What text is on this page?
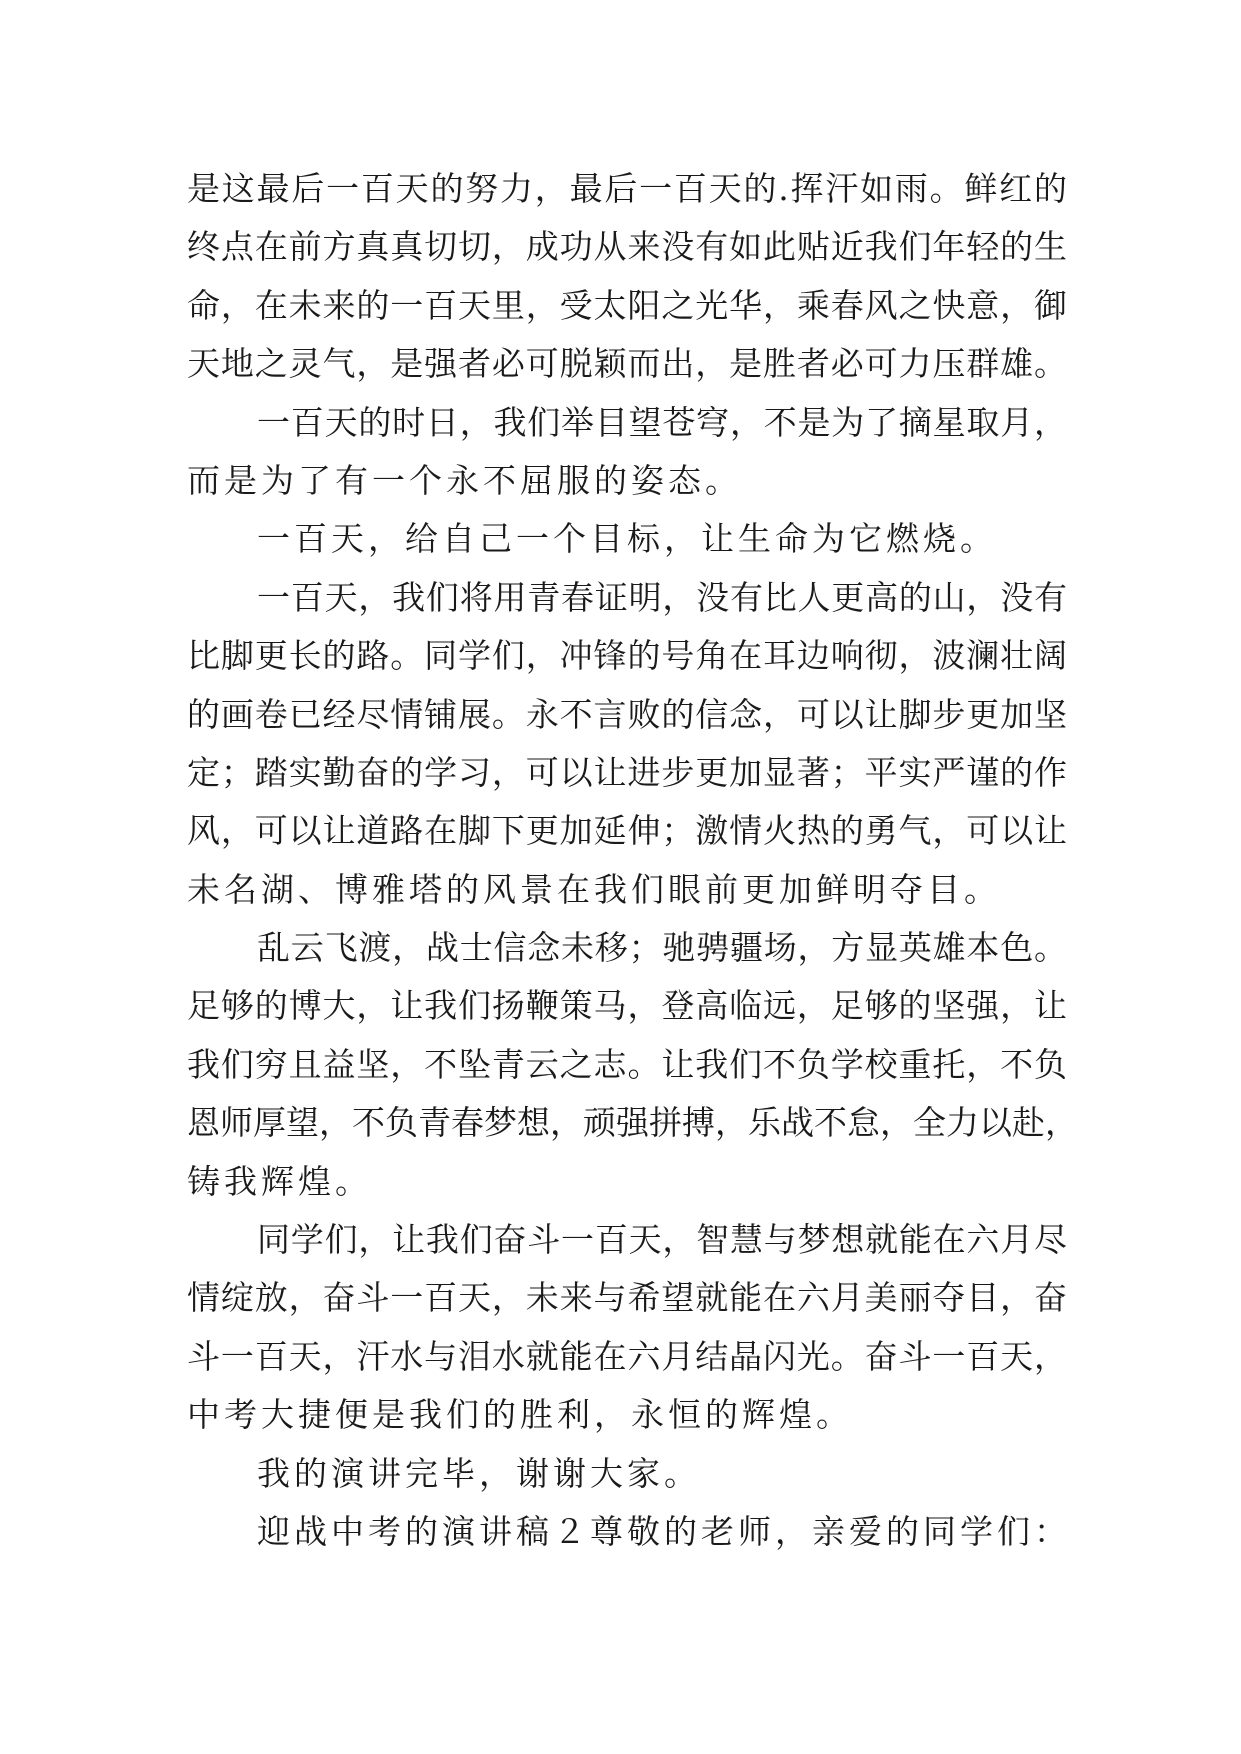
是这最后一百天的努力，最后一百天的.挥汗如雨。鲜红的
终点在前方真真切切，成功从来没有如此贴近我们年轻的生
命，在未来的一百天里，受太阳之光华，乘春风之快意，御
天地之灵气，是强者必可脱颖而出，是胜者必可力压群雄。
一百天的时日，我们举目望苍穹，不是为了摘星取月，
而是为了有一个永不屈服的姿态。
一百天，给自己一个目标，让生命为它燃烧。
一百天，我们将用青春证明，没有比人更高的山，没有
比脚更长的路。同学们，冲锋的号角在耳边响彻，波澜壮阔
的画卷已经尽情铺展。永不言败的信念，可以让脚步更加坚
定；踏实勤奋的学习，可以让进步更加显著；平实严谨的作
风，可以让道路在脚下更加延伸；激情火热的勇气，可以让
未名湖、博雅塔的风景在我们眼前更加鲜明夺目。
乱云飞渡，战士信念未移；驰骋疆场，方显英雄本色。
足够的博大，让我们扬鞭策马，登高临远，足够的坚强，让
我们穷且益坚，不坠青云之志。让我们不负学校重托，不负
恩师厚望，不负青春梦想，顽强拼搏，乐战不怠，全力以赴，
铸我辉煌。
同学们，让我们奋斗一百天，智慧与梦想就能在六月尽
情绽放，奋斗一百天，未来与希望就能在六月美丽夺目，奋
斗一百天，汗水与泪水就能在六月结晶闪光。奋斗一百天，
中考大捷便是我们的胜利，永恒的辉煌。
我的演讲完毕，谢谢大家。
迎战中考的演讲稿２尊敬的老师，亲爱的同学们：
